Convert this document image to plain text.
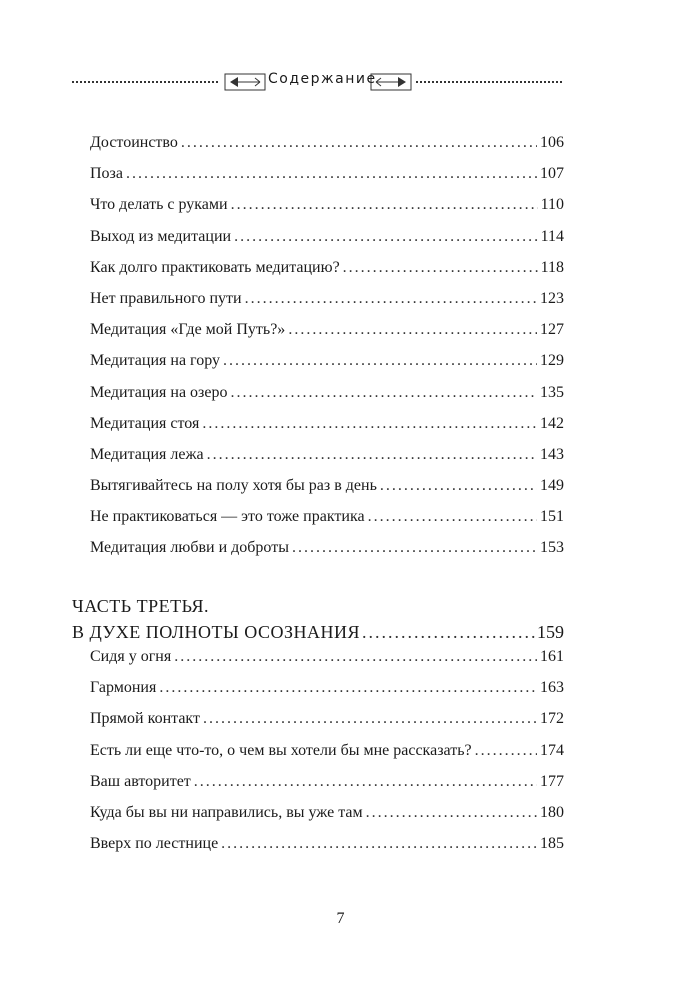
Содержание
Достоинство .....	106
Поза .....	107
Что делать с руками .....	110
Выход из медитации .....	114
Как долго практиковать медитацию? .....	118
Нет правильного пути .....	123
Медитация «Где мой Путь?» .....	127
Медитация на гору .....	129
Медитация на озеро .....	135
Медитация стоя .....	142
Медитация лежа .....	143
Вытягивайтесь на полу хотя бы раз в день .....	149
Не практиковаться — это тоже практика .....	151
Медитация любви и доброты .....	153
ЧАСТЬ ТРЕТЬЯ.
В ДУХЕ ПОЛНОТЫ ОСОЗНАНИЯ .....	159
Сидя у огня .....	161
Гармония .....	163
Прямой контакт .....	172
Есть ли еще что-то, о чем вы хотели бы мне рассказать? .....	174
Ваш авторитет .....	177
Куда бы вы ни направились, вы уже там .....	180
Вверх по лестнице .....	185
7
